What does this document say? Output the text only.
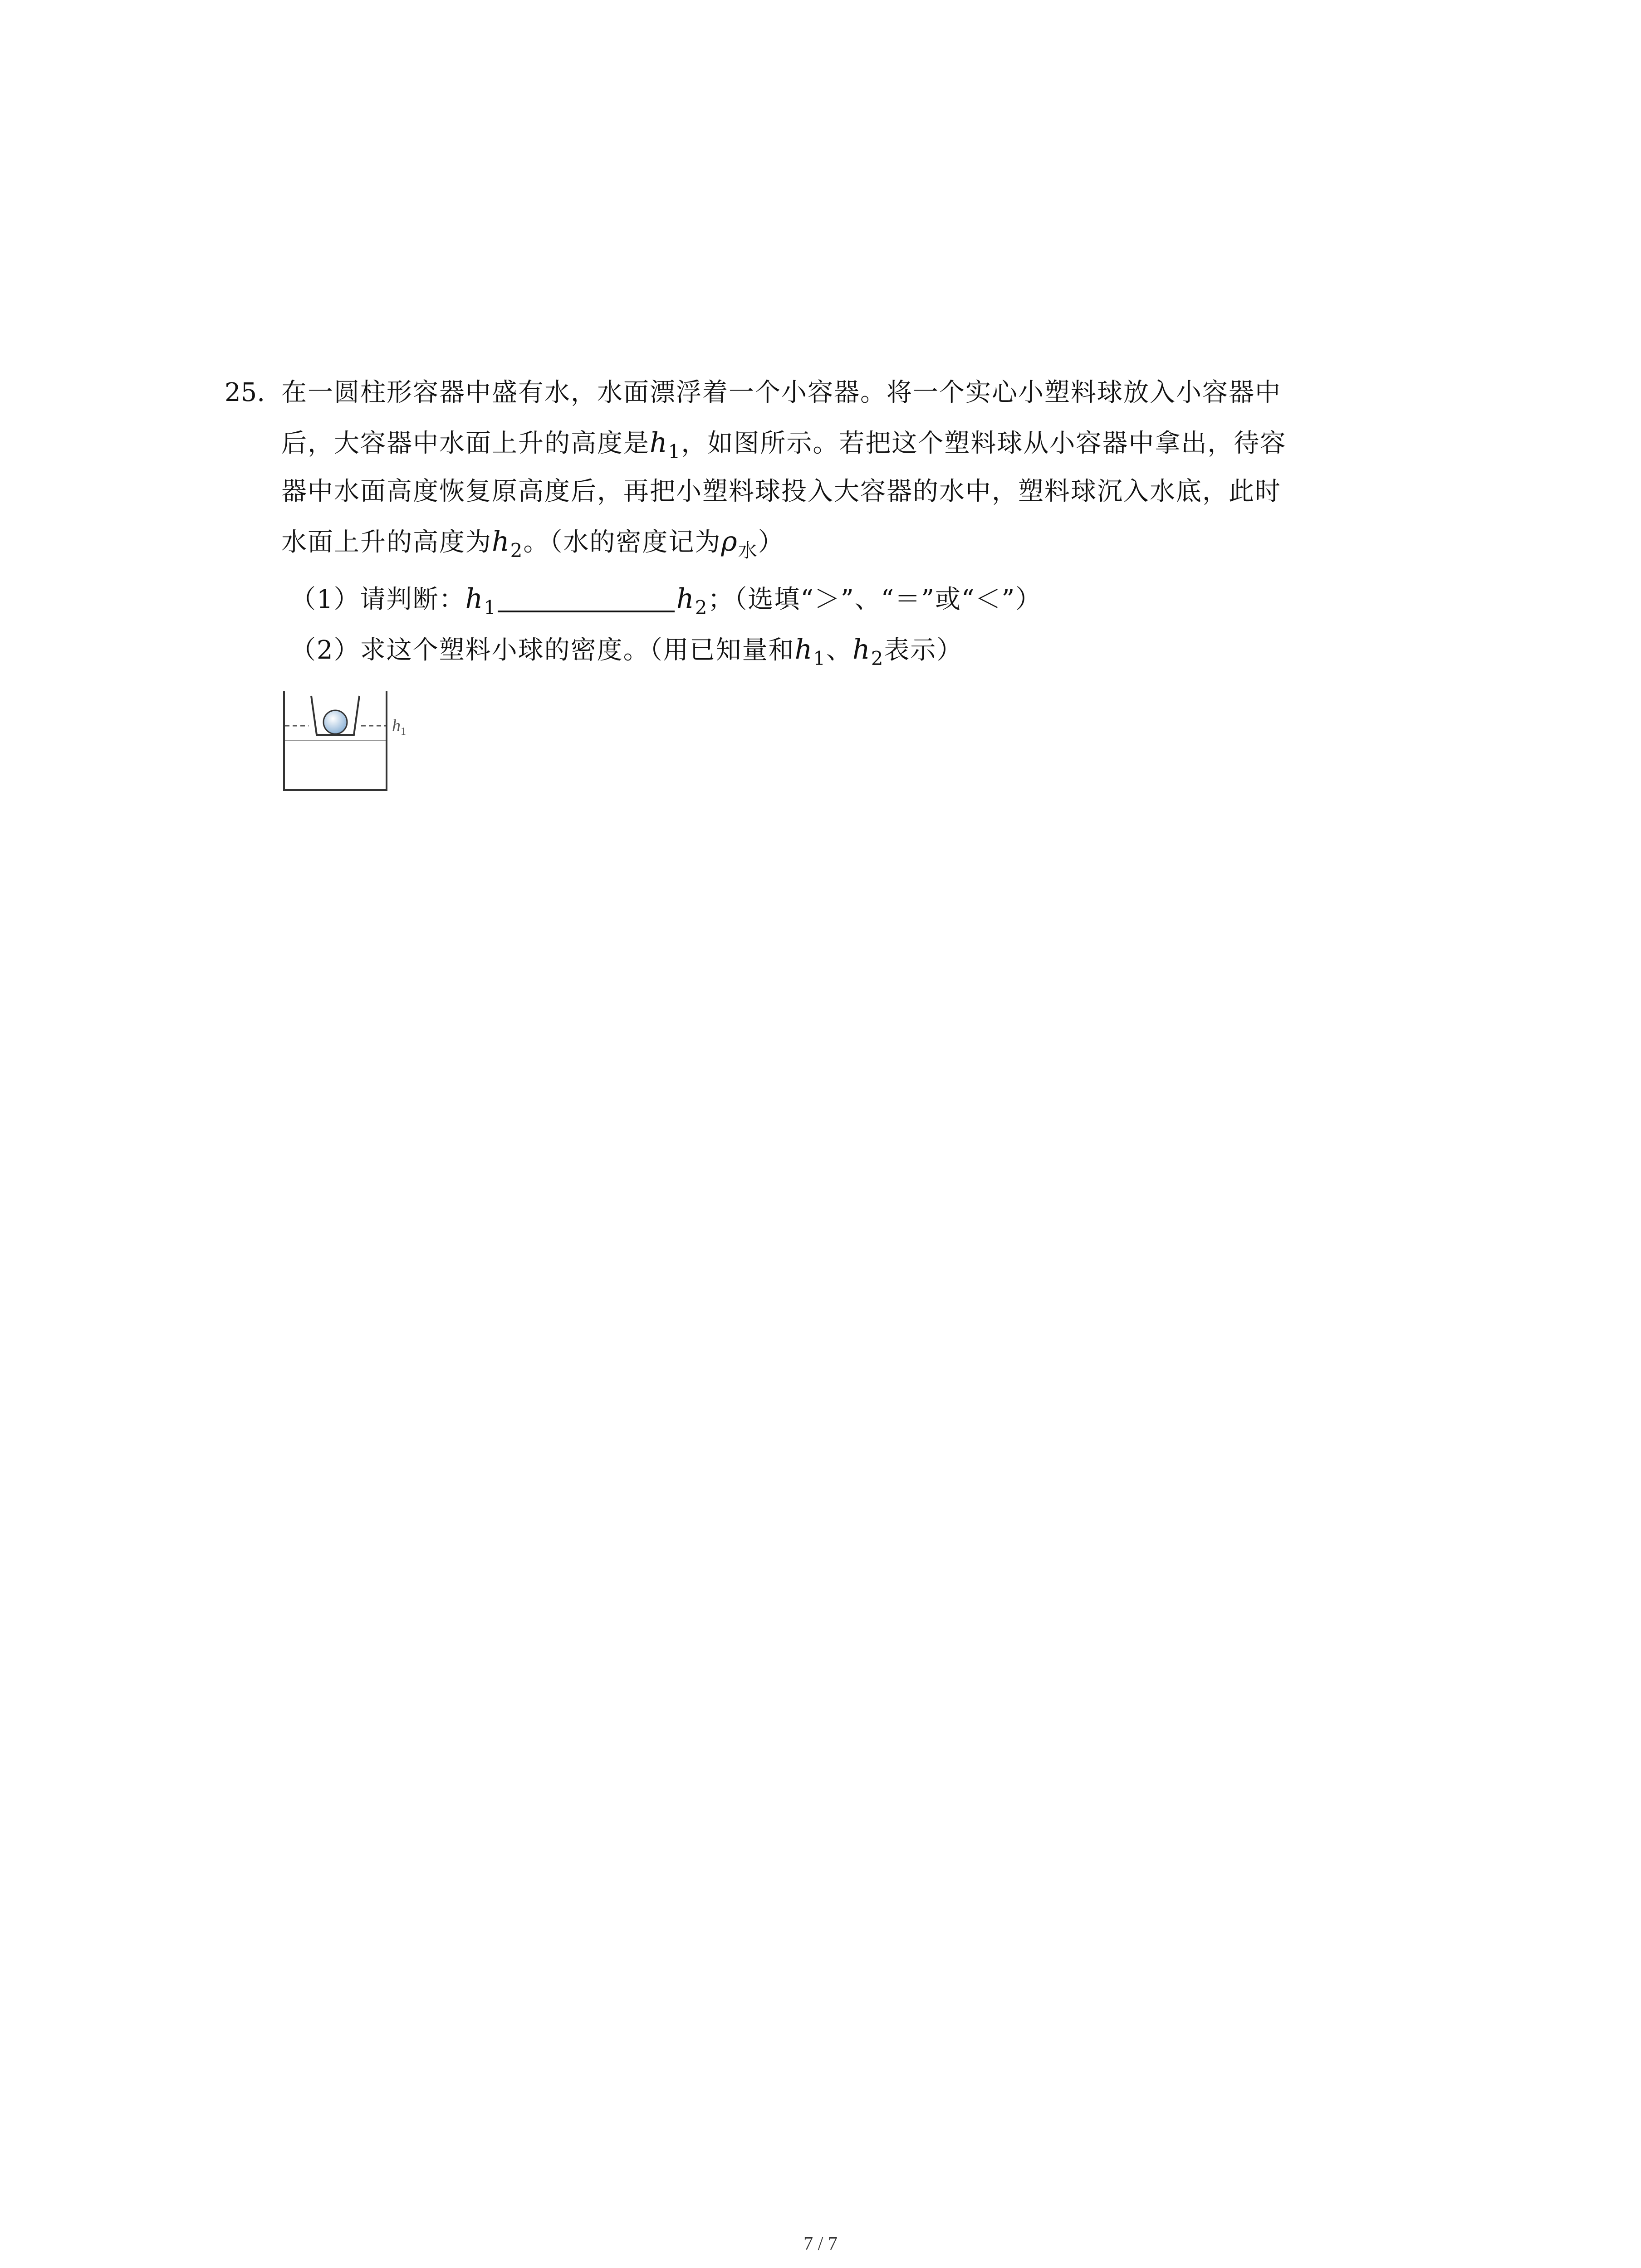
25. 在一圆柱形容器中盛有水，水面漂浮着一个小容器。将一个实心小塑料球放入小容器中
后，大容器中水面上升的高度是$h_1$，如图所示。若把这个塑料球从小容器中拿出，待容
器中水面高度恢复原高度后，再把小塑料球投入大容器的水中，塑料球沉入水底，此时
水面上升的高度为$h_2$。（水的密度记为$\rho_水$）
（1）请判断：$h_1$	$h_2$；（选填“＞”、“＝”或“＜”）
（2）求这个塑料小球的密度。（用已知量和$h_1$、$h_2$表示）
$h_1$
7 / 7
